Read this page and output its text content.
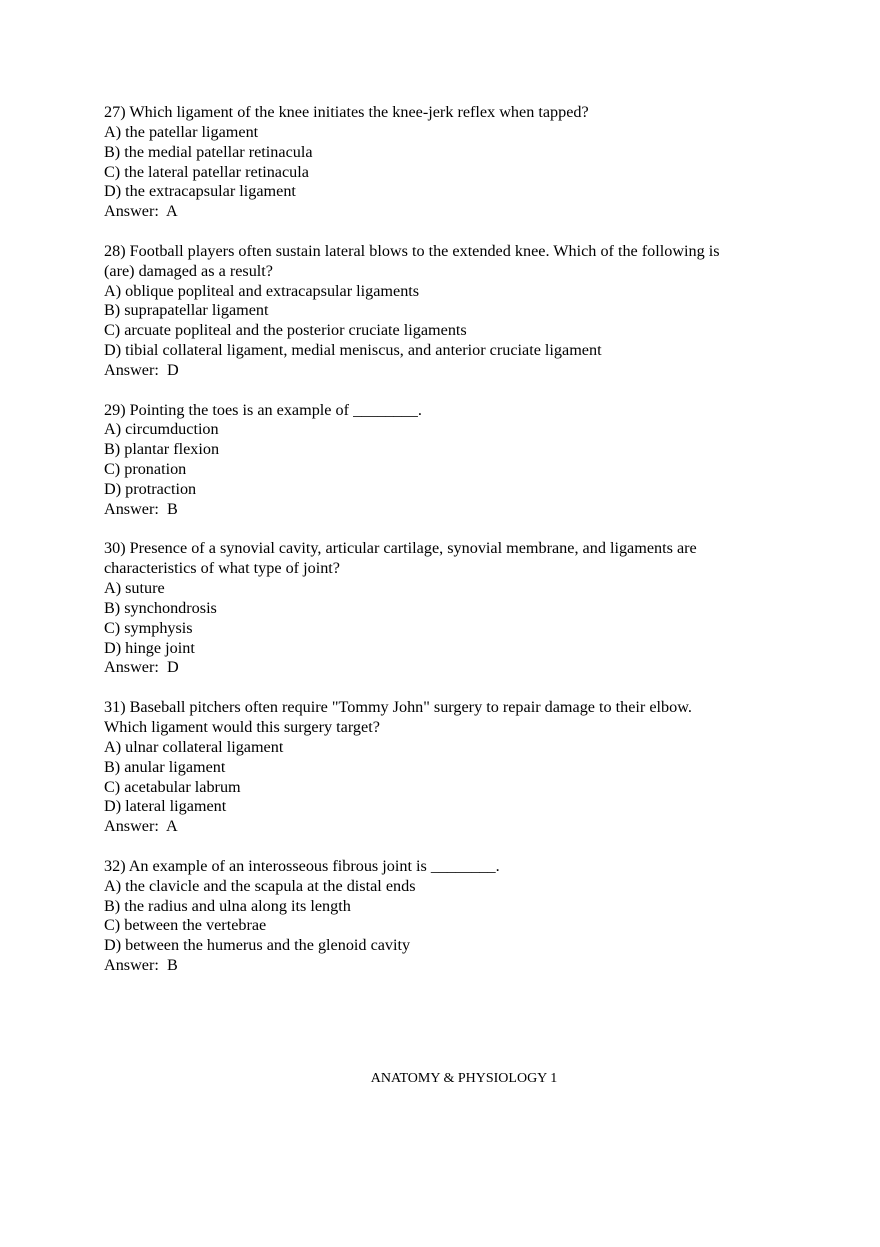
27) Which ligament of the knee initiates the knee-jerk reflex when tapped?

A) the patellar ligament

B) the medial patellar retinacula

C) the lateral patellar retinacula

D) the extracapsular ligament

Answer:  A

28) Football players often sustain lateral blows to the extended knee. Which of the following is

(are) damaged as a result?

A) oblique popliteal and extracapsular ligaments

B) suprapatellar ligament

C) arcuate popliteal and the posterior cruciate ligaments

D) tibial collateral ligament, medial meniscus, and anterior cruciate ligament

Answer:  D

29) Pointing the toes is an example of ________.

A) circumduction

B) plantar flexion

C) pronation

D) protraction

Answer:  B

30) Presence of a synovial cavity, articular cartilage, synovial membrane, and ligaments are

characteristics of what type of joint?

A) suture

B) synchondrosis

C) symphysis

D) hinge joint

Answer:  D

31) Baseball pitchers often require "Tommy John" surgery to repair damage to their elbow.

Which ligament would this surgery target?

A) ulnar collateral ligament

B) anular ligament

C) acetabular labrum

D) lateral ligament

Answer:  A

32) An example of an interosseous fibrous joint is ________.

A) the clavicle and the scapula at the distal ends

B) the radius and ulna along its length

C) between the vertebrae

D) between the humerus and the glenoid cavity

Answer:  B

ANATOMY & PHYSIOLOGY 1
